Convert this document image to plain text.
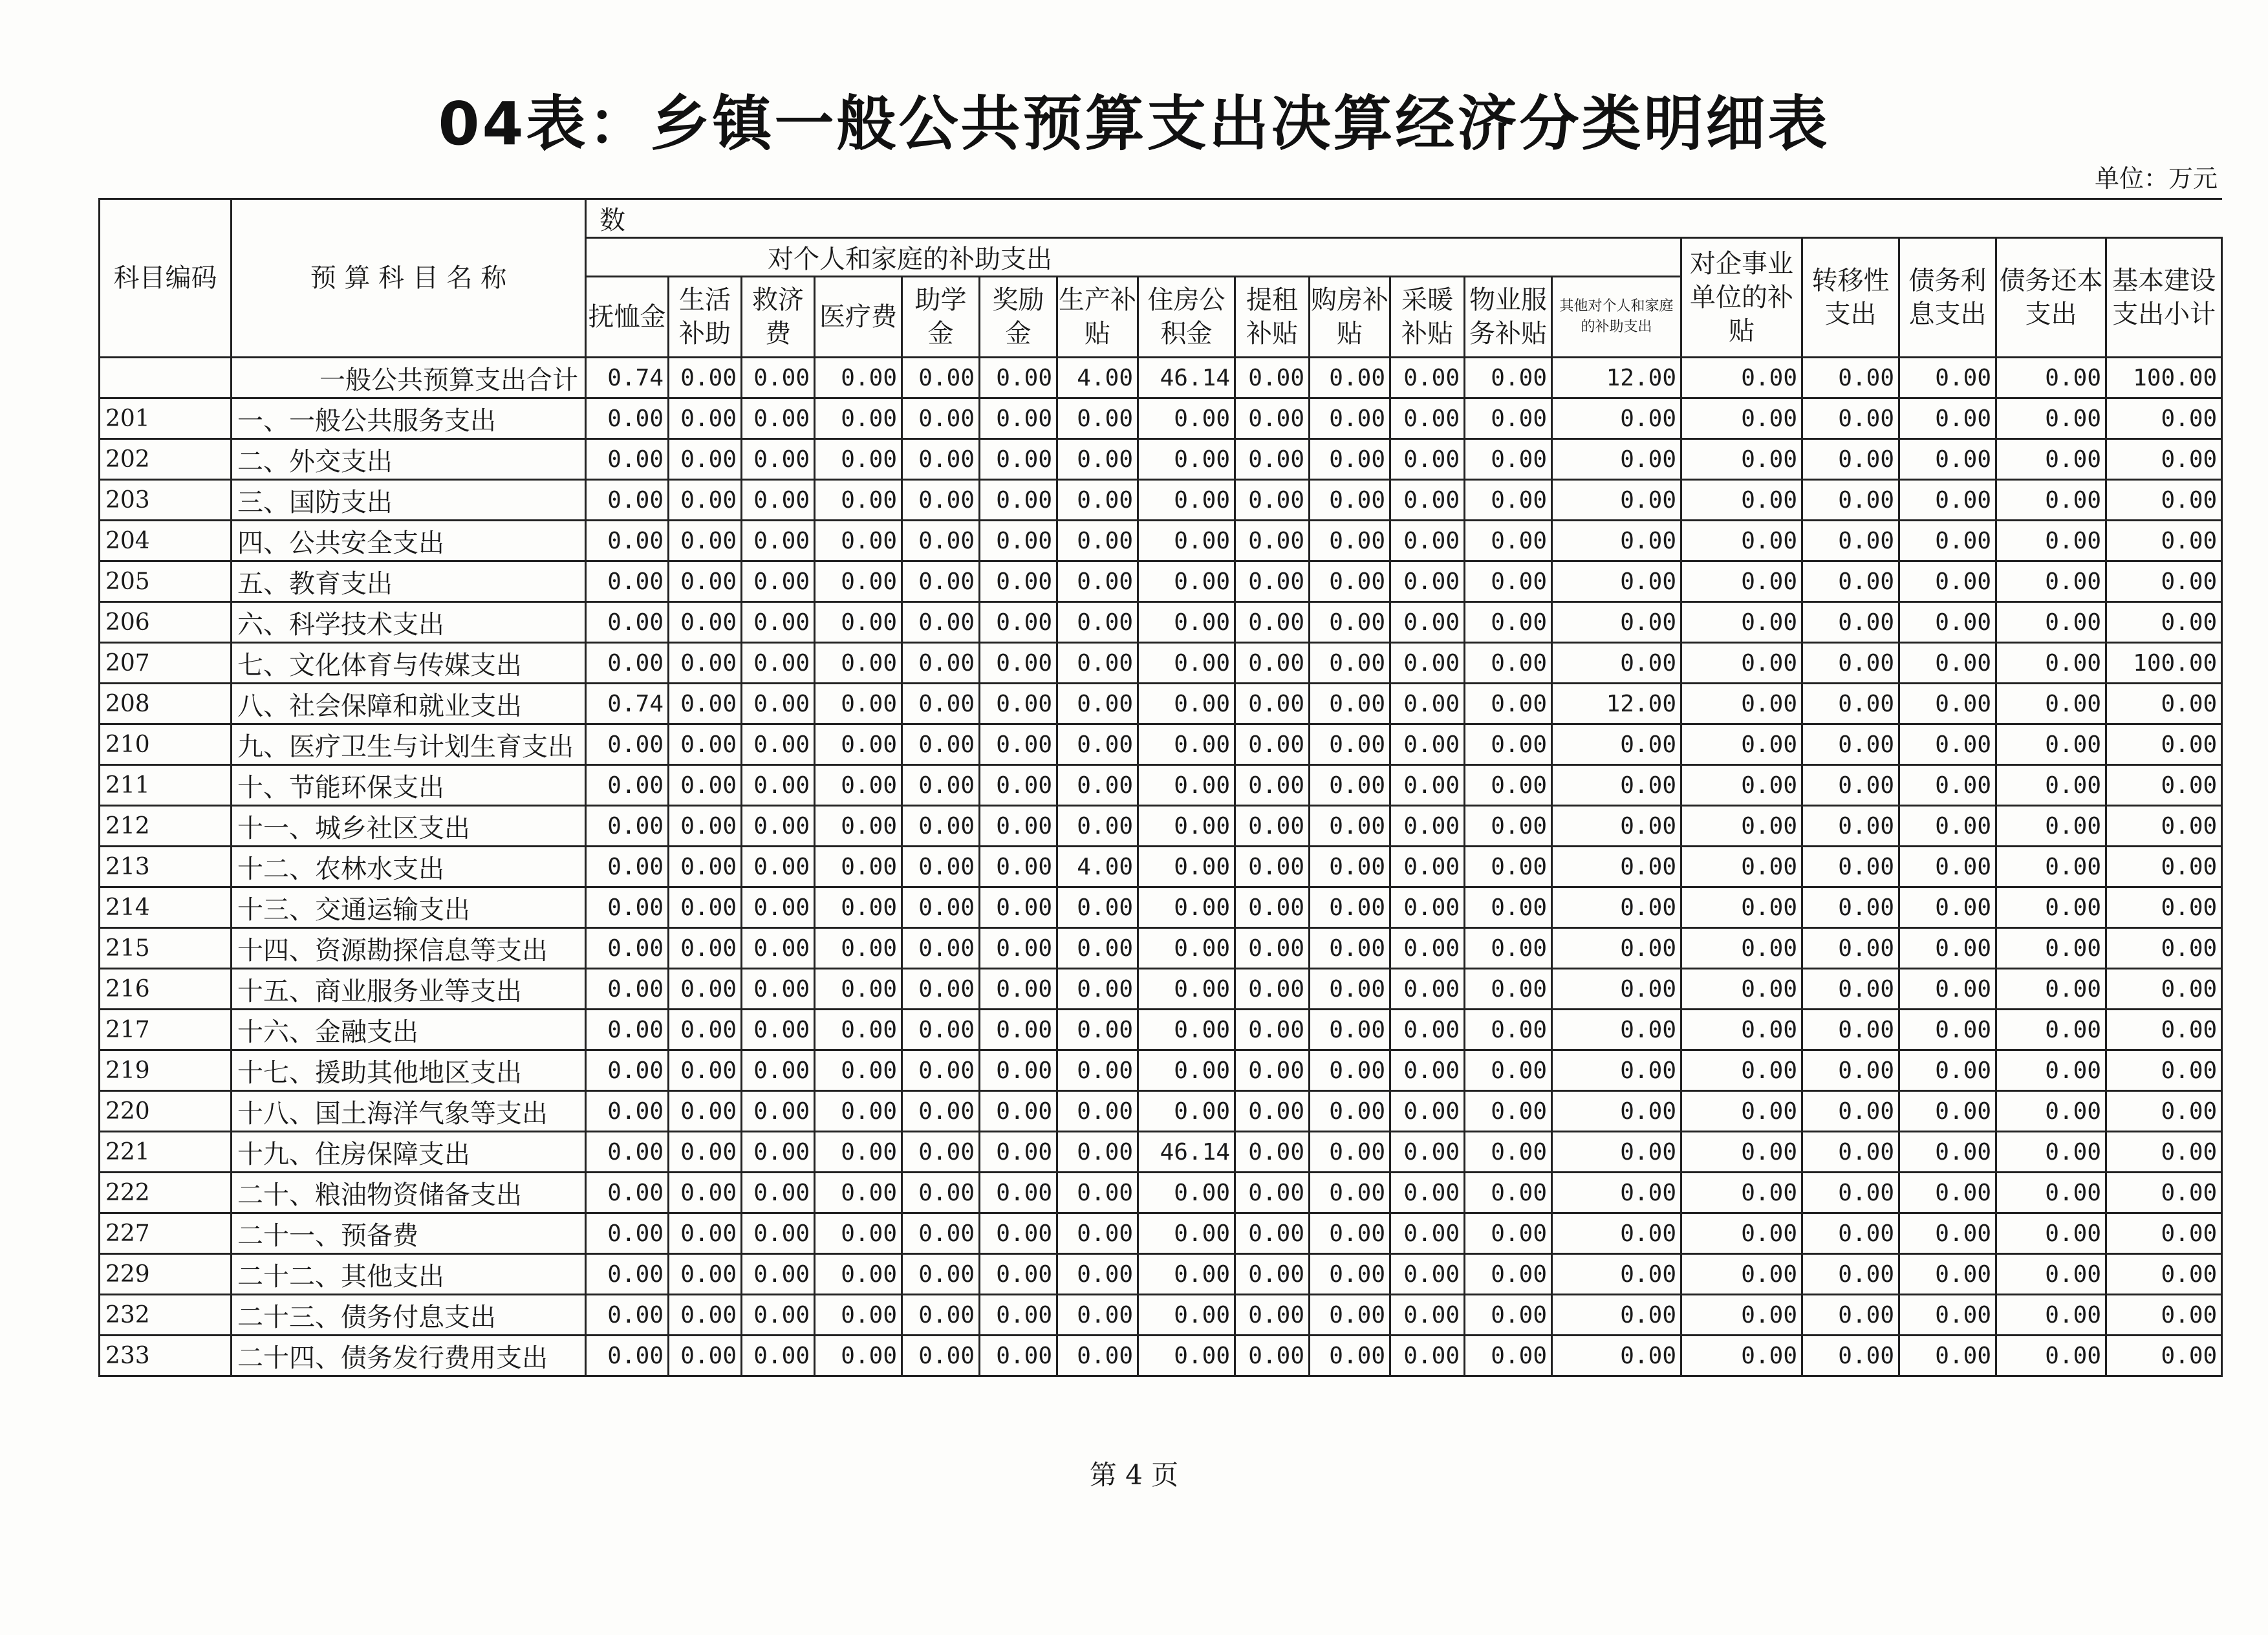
04表：乡镇一般公共预算支出决算经济分类明细表
单位：万元
科目编码	预 算 科 目 名 称	数																	
		对个人和家庭的补助支出													对企事业单位的补贴	转移性支出	债务利息支出	债务还本支出	基本建设支出小计
		抚恤金	生活补助	救济费	医疗费	助学金	奖励金	生产补贴	住房公积金	提租补贴	购房补贴	采暖补贴	物业服务补贴	其他对个人和家庭的补助支出					
	一般公共预算支出合计	0.74	0.00	0.00	0.00	0.00	0.00	4.00	46.14	0.00	0.00	0.00	0.00	12.00	0.00	0.00	0.00	0.00	100.00
201	一、一般公共服务支出	0.00	0.00	0.00	0.00	0.00	0.00	0.00	0.00	0.00	0.00	0.00	0.00	0.00	0.00	0.00	0.00	0.00	0.00
202	二、外交支出	0.00	0.00	0.00	0.00	0.00	0.00	0.00	0.00	0.00	0.00	0.00	0.00	0.00	0.00	0.00	0.00	0.00	0.00
203	三、国防支出	0.00	0.00	0.00	0.00	0.00	0.00	0.00	0.00	0.00	0.00	0.00	0.00	0.00	0.00	0.00	0.00	0.00	0.00
204	四、公共安全支出	0.00	0.00	0.00	0.00	0.00	0.00	0.00	0.00	0.00	0.00	0.00	0.00	0.00	0.00	0.00	0.00	0.00	0.00
205	五、教育支出	0.00	0.00	0.00	0.00	0.00	0.00	0.00	0.00	0.00	0.00	0.00	0.00	0.00	0.00	0.00	0.00	0.00	0.00
206	六、科学技术支出	0.00	0.00	0.00	0.00	0.00	0.00	0.00	0.00	0.00	0.00	0.00	0.00	0.00	0.00	0.00	0.00	0.00	0.00
207	七、文化体育与传媒支出	0.00	0.00	0.00	0.00	0.00	0.00	0.00	0.00	0.00	0.00	0.00	0.00	0.00	0.00	0.00	0.00	0.00	100.00
208	八、社会保障和就业支出	0.74	0.00	0.00	0.00	0.00	0.00	0.00	0.00	0.00	0.00	0.00	0.00	12.00	0.00	0.00	0.00	0.00	0.00
210	九、医疗卫生与计划生育支出	0.00	0.00	0.00	0.00	0.00	0.00	0.00	0.00	0.00	0.00	0.00	0.00	0.00	0.00	0.00	0.00	0.00	0.00
211	十、节能环保支出	0.00	0.00	0.00	0.00	0.00	0.00	0.00	0.00	0.00	0.00	0.00	0.00	0.00	0.00	0.00	0.00	0.00	0.00
212	十一、城乡社区支出	0.00	0.00	0.00	0.00	0.00	0.00	0.00	0.00	0.00	0.00	0.00	0.00	0.00	0.00	0.00	0.00	0.00	0.00
213	十二、农林水支出	0.00	0.00	0.00	0.00	0.00	0.00	4.00	0.00	0.00	0.00	0.00	0.00	0.00	0.00	0.00	0.00	0.00	0.00
214	十三、交通运输支出	0.00	0.00	0.00	0.00	0.00	0.00	0.00	0.00	0.00	0.00	0.00	0.00	0.00	0.00	0.00	0.00	0.00	0.00
215	十四、资源勘探信息等支出	0.00	0.00	0.00	0.00	0.00	0.00	0.00	0.00	0.00	0.00	0.00	0.00	0.00	0.00	0.00	0.00	0.00	0.00
216	十五、商业服务业等支出	0.00	0.00	0.00	0.00	0.00	0.00	0.00	0.00	0.00	0.00	0.00	0.00	0.00	0.00	0.00	0.00	0.00	0.00
217	十六、金融支出	0.00	0.00	0.00	0.00	0.00	0.00	0.00	0.00	0.00	0.00	0.00	0.00	0.00	0.00	0.00	0.00	0.00	0.00
219	十七、援助其他地区支出	0.00	0.00	0.00	0.00	0.00	0.00	0.00	0.00	0.00	0.00	0.00	0.00	0.00	0.00	0.00	0.00	0.00	0.00
220	十八、国土海洋气象等支出	0.00	0.00	0.00	0.00	0.00	0.00	0.00	0.00	0.00	0.00	0.00	0.00	0.00	0.00	0.00	0.00	0.00	0.00
221	十九、住房保障支出	0.00	0.00	0.00	0.00	0.00	0.00	0.00	46.14	0.00	0.00	0.00	0.00	0.00	0.00	0.00	0.00	0.00	0.00
222	二十、粮油物资储备支出	0.00	0.00	0.00	0.00	0.00	0.00	0.00	0.00	0.00	0.00	0.00	0.00	0.00	0.00	0.00	0.00	0.00	0.00
227	二十一、预备费	0.00	0.00	0.00	0.00	0.00	0.00	0.00	0.00	0.00	0.00	0.00	0.00	0.00	0.00	0.00	0.00	0.00	0.00
229	二十二、其他支出	0.00	0.00	0.00	0.00	0.00	0.00	0.00	0.00	0.00	0.00	0.00	0.00	0.00	0.00	0.00	0.00	0.00	0.00
232	二十三、债务付息支出	0.00	0.00	0.00	0.00	0.00	0.00	0.00	0.00	0.00	0.00	0.00	0.00	0.00	0.00	0.00	0.00	0.00	0.00
233	二十四、债务发行费用支出	0.00	0.00	0.00	0.00	0.00	0.00	0.00	0.00	0.00	0.00	0.00	0.00	0.00	0.00	0.00	0.00	0.00	0.00
第 4 页
